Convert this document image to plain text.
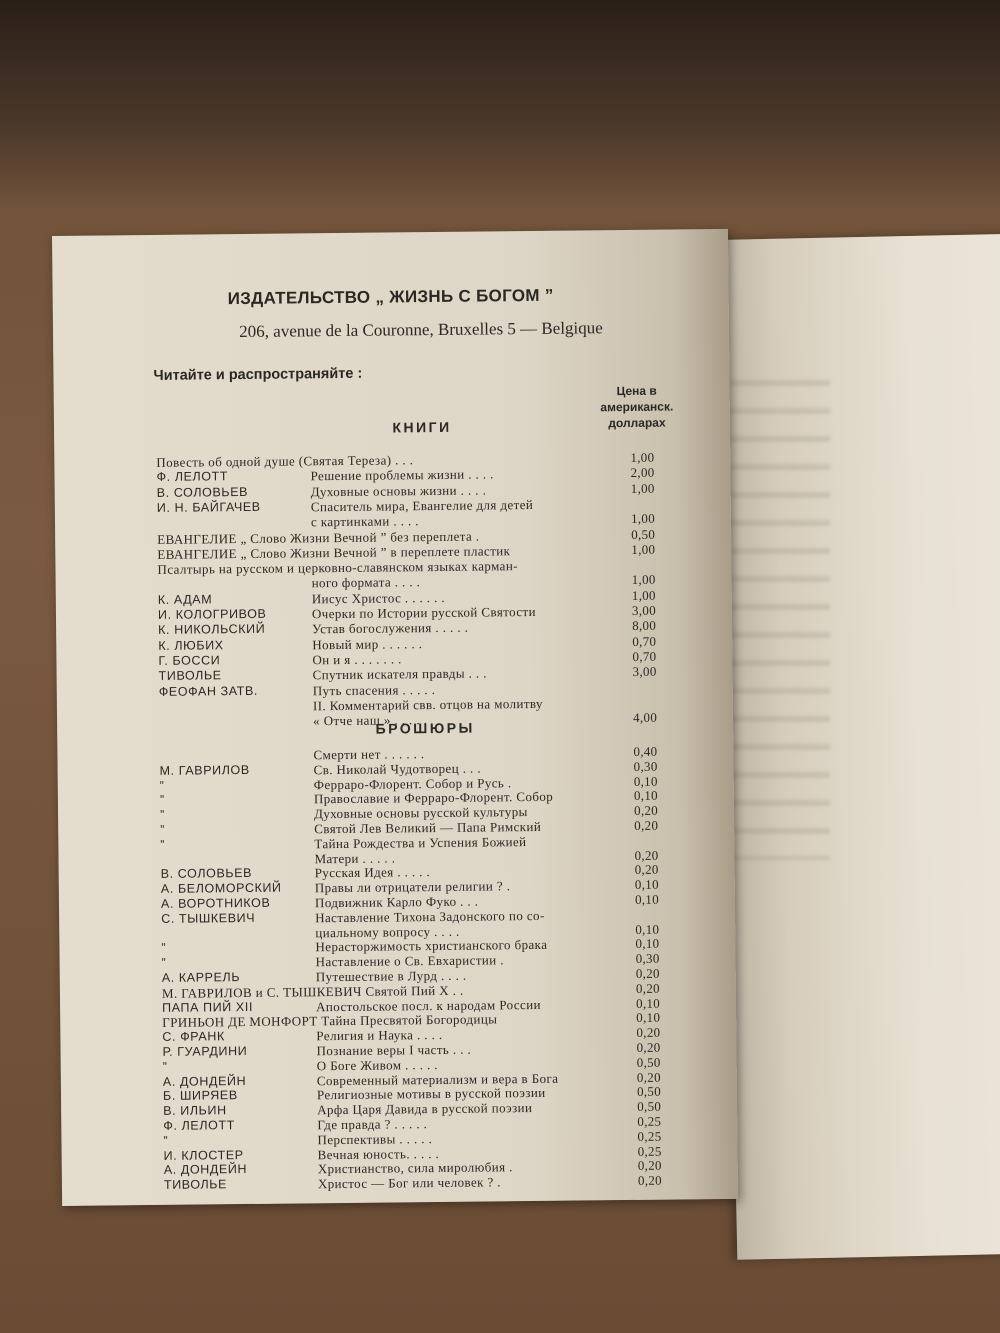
ИЗДАТЕЛЬСТВО „ ЖИЗНЬ С БОГОМ ”
206, avenue de la Couronne, Bruxelles 5 — Belgique
Читайте и распространяйте :
Цена в
американск.
долларах
КНИГИ
БРОШЮРЫ
Повесть об одной душе (Святая Тереза) . . .	1,00
Ф. ЛЕЛОТТ	Решение проблемы жизни . . . .	2,00
В. СОЛОВЬЕВ	Духовные основы жизни . . . .	1,00
И. Н. БАЙГАЧЕВ	Спаситель мира, Евангелие для детей
с картинками . . . .	1,00
ЕВАНГЕЛИЕ „ Слово Жизни Вечной ” без переплета .	0,50
ЕВАНГЕЛИЕ „ Слово Жизни Вечной ” в переплете пластик	1,00
Псалтырь на русском и церковно-славянском языках карман-
ного формата . . . .	1,00
К. АДАМ	Иисус Христос . . . . . .	1,00
И. КОЛОГРИВОВ	Очерки по Истории русской Святости	3,00
К. НИКОЛЬСКИЙ	Устав богослужения . . . . .	8,00
К. ЛЮБИХ	Новый мир . . . . . .	0,70
Г. БОССИ	Он и я . . . . . . .	0,70
ТИВОЛЬЕ	Спутник искателя правды . . .	3,00
ФЕОФАН ЗАТВ.	Путь спасения . . . . .
II. Комментарий свв. отцов на молитву
« Отче наш » . . . . .	4,00
Смерти нет . . . . . .	0,40
М. ГАВРИЛОВ	Св. Николай Чудотворец . . .	0,30
”	Ферраро-Флорент. Собор и Русь .	0,10
”	Православие и Ферраро-Флорент. Собор	0,10
”	Духовные основы русской культуры	0,20
”	Святой Лев Великий — Папа Римский	0,20
”	Тайна Рождества и Успения Божией
Матери . . . . .	0,20
В. СОЛОВЬЕВ	Русская Идея . . . . .	0,20
А. БЕЛОМОРСКИЙ	Правы ли отрицатели религии ? .	0,10
А. ВОРОТНИКОВ	Подвижник Карло Фуко . . .	0,10
С. ТЫШКЕВИЧ	Наставление Тихона Задонского по со-
циальному вопросу . . . .	0,10
”	Нерасторжимость христианского брака	0,10
”	Наставление о Св. Евхаристии .	0,30
А. КАРРЕЛЬ	Путешествие в Лурд . . . .	0,20
М. ГАВРИЛОВ и С. ТЫШКЕВИЧ Святой Пий Х . .	0,20
ПАПА ПИЙ XII	Апостольское посл. к народам России	0,10
ГРИНЬОН ДЕ МОНФОРТ Тайна Пресвятой Богородицы	0,10
С. ФРАНК	Религия и Наука . . . .	0,20
Р. ГУАРДИНИ	Познание веры I часть . . .	0,20
”	О Боге Живом . . . . .	0,50
А. ДОНДЕЙН	Современный материализм и вера в Бога	0,20
Б. ШИРЯЕВ	Религиозные мотивы в русской поэзии	0,50
В. ИЛЬИН	Арфа Царя Давида в русской поэзии	0,50
Ф. ЛЕЛОТТ	Где правда ? . . . . .	0,25
”	Перспективы . . . . .	0,25
И. КЛОСТЕР	Вечная юность. . . . .	0,25
А. ДОНДЕЙН	Христианство, сила миролюбия .	0,20
ТИВОЛЬЕ	Христос — Бог или человек ? .	0,20
